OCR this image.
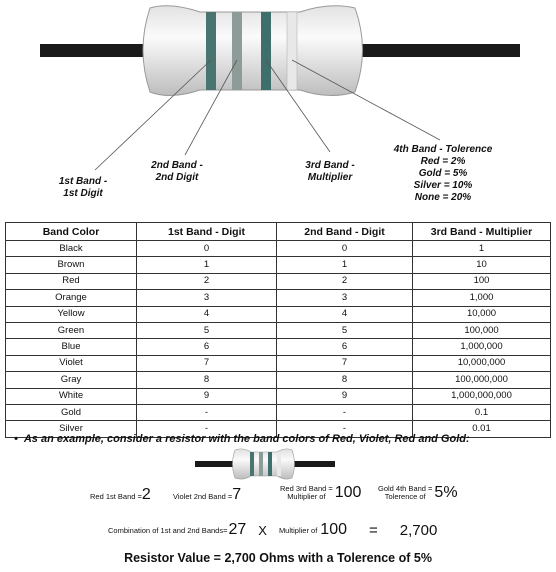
1st Band -
1st Digit
2nd Band -
2nd Digit
3rd Band -
Multiplier
4th Band - Tolerence
Red = 2%
Gold = 5%
Silver = 10%
None = 20%
Band Color	1st Band - Digit	2nd Band - Digit	3rd Band - Multiplier
Black	0	0	1
Brown	1	1	10
Red	2	2	100
Orange	3	3	1,000
Yellow	4	4	10,000
Green	5	5	100,000
Blue	6	6	1,000,000
Violet	7	7	10,000,000
Gray	8	8	100,000,000
White	9	9	1,000,000,000
Gold	-	-	0.1
Silver	-	-	0.01
• As an example, consider a resistor with the band colors of Red, Violet, Red and Gold:
Red 1st Band =2	Violet 2nd Band =7	Red 3rd Band =
Multiplier of 100 Gold 4th Band =
Tolerence of 5%
Combination of 1st and 2nd Bands= 27 X Multiplier of 100 = 2,700
Resistor Value = 2,700 Ohms with a Tolerence of 5%
